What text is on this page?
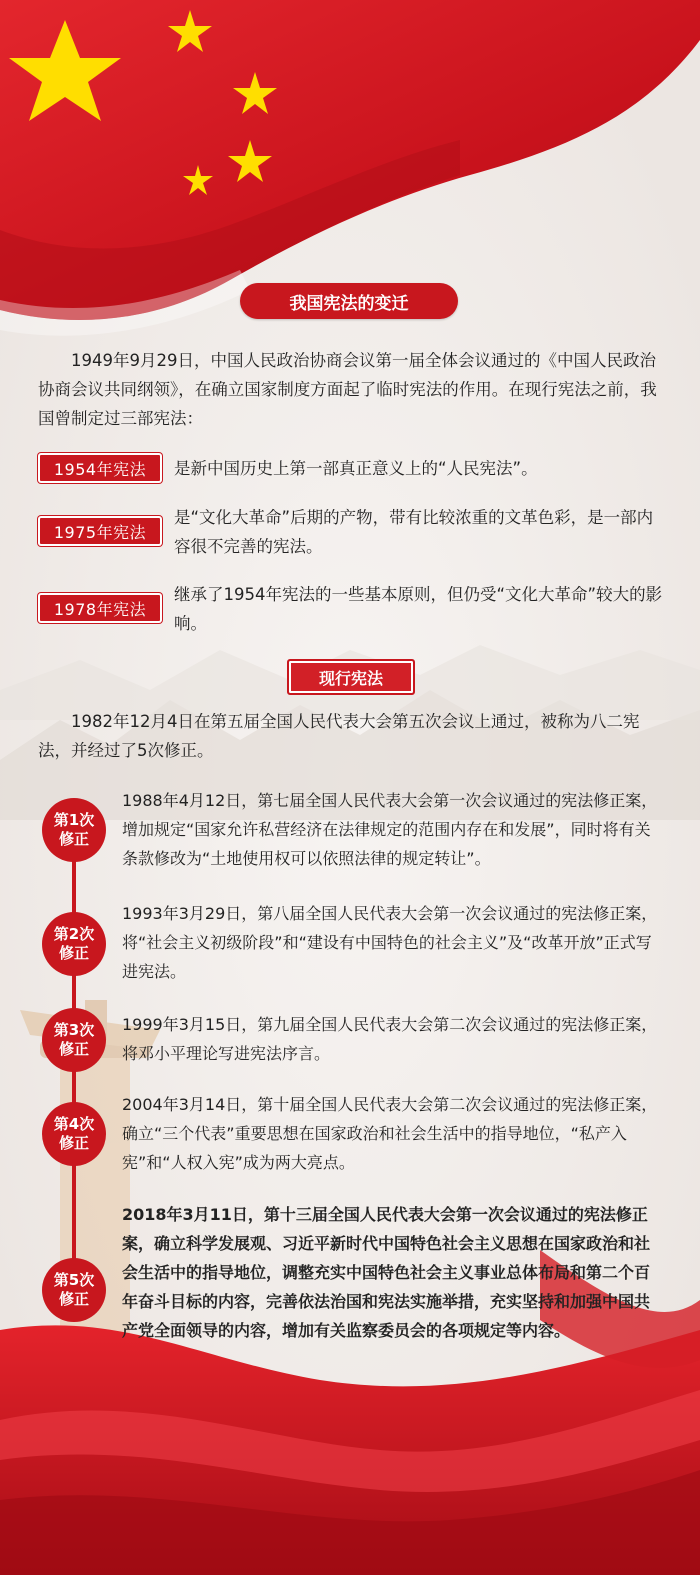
我国宪法的变迁
1949年9月29日，中国人民政治协商会议第一届全体会议通过的《中国人民政治协商会议共同纲领》，在确立国家制度方面起了临时宪法的作用。在现行宪法之前，我国曾制定过三部宪法：
1954年宪法	是新中国历史上第一部真正意义上的“人民宪法”。
1975年宪法
是“文化大革命”后期的产物，带有比较浓重的文革色彩，是一部内容很不完善的宪法。
1978年宪法
继承了1954年宪法的一些基本原则，但仍受“文化大革命”较大的影响。
现行宪法
1982年12月4日在第五届全国人民代表大会第五次会议上通过，被称为八二宪法，并经过了5次修正。
第1次
修正
1988年4月12日，第七届全国人民代表大会第一次会议通过的宪法修正案，增加规定“国家允许私营经济在法律规定的范围内存在和发展”，同时将有关条款修改为“土地使用权可以依照法律的规定转让”。
第2次
修正
1993年3月29日，第八届全国人民代表大会第一次会议通过的宪法修正案，将“社会主义初级阶段”和“建设有中国特色的社会主义”及“改革开放”正式写进宪法。
第3次
修正
1999年3月15日，第九届全国人民代表大会第二次会议通过的宪法修正案，将邓小平理论写进宪法序言。
第4次
修正
2004年3月14日，第十届全国人民代表大会第二次会议通过的宪法修正案，确立“三个代表”重要思想在国家政治和社会生活中的指导地位，“私产入宪”和“人权入宪”成为两大亮点。
第5次
修正
2018年3月11日，第十三届全国人民代表大会第一次会议通过的宪法修正案，确立科学发展观、习近平新时代中国特色社会主义思想在国家政治和社会生活中的指导地位，调整充实中国特色社会主义事业总体布局和第二个百年奋斗目标的内容，完善依法治国和宪法实施举措，充实坚持和加强中国共产党全面领导的内容，增加有关监察委员会的各项规定等内容。
